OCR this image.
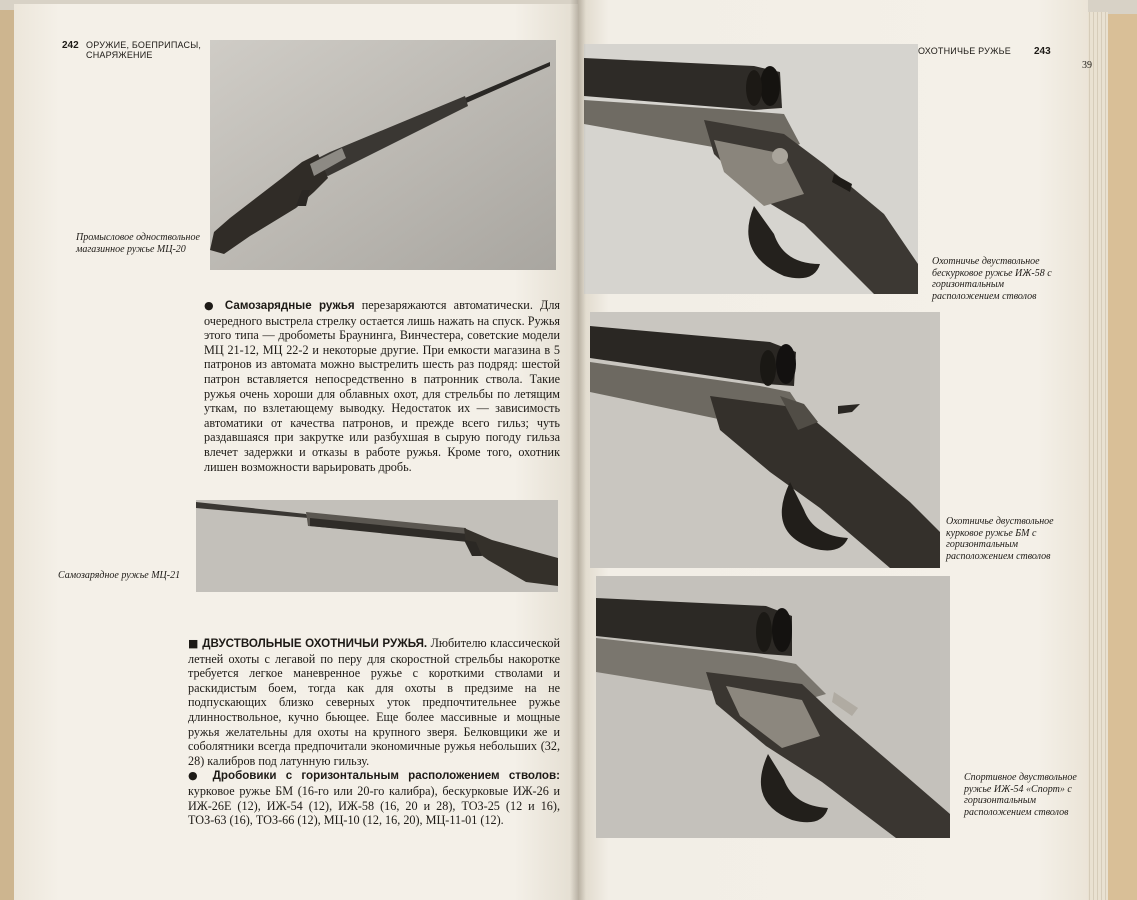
242 ОРУЖИЕ, БОЕПРИПАСЫ, СНАРЯЖЕНИЕ
Промысловое одноствольное магазинное ружье МЦ-20

● Самозарядные ружья перезаряжаются автоматически. Для очередного выстрела стрелку остается лишь нажать на спуск. Ружья этого типа — дробометы Браунинга, Винчестера, советские модели МЦ 21-12, МЦ 22-2 и некоторые другие. При емкости магазина в 5 патронов из автомата можно выстрелить шесть раз подряд: шестой патрон вставляется непосредственно в патронник ствола. Такие ружья очень хороши для облавных охот, для стрельбы по летящим уткам, по взлетающему выводку. Недостаток их — зависимость автоматики от качества патронов, и прежде всего гильз; чуть раздавшаяся при закрутке или разбухшая в сырую погоду гильза влечет задержки и отказы в работе ружья. Кроме того, охотник лишен возможности варьировать дробь.

Самозарядное ружье МЦ-21

■ ДВУСТВОЛЬНЫЕ ОХОТНИЧЬИ РУЖЬЯ. Любителю классической летней охоты с легавой по перу для скоростной стрельбы накоротке требуется легкое маневренное ружье с короткими стволами и раскидистым боем, тогда как для охоты в предзиме на не подпускающих близко северных уток предпочтительнее ружье длинноствольное, кучно бьющее. Еще более массивные и мощные ружья желательны для охоты на крупного зверя. Белковщики же и соболятники всегда предпочитали экономичные ружья небольших (32, 28) калибров под латунную гильзу.

● Дробовики с горизонтальным расположением стволов: курковое ружье БМ (16-го или 20-го калибра), бескурковые ИЖ-26 и ИЖ-26Е (12), ИЖ-54 (12), ИЖ-58 (16, 20 и 28), ТОЗ-25 (12 и 16), ТОЗ-63 (16), ТОЗ-66 (12), МЦ-10 (12, 16, 20), МЦ-11-01 (12).

ОХОТНИЧЬЕ РУЖЬЕ 243
39
Охотничье двуствольное бескурковое ружье ИЖ-58 с горизонтальным расположением стволов
Охотничье двуствольное курковое ружье БМ с горизонтальным расположением стволов
Спортивное двуствольное ружье ИЖ-54 «Спорт» с горизонтальным расположением стволов
